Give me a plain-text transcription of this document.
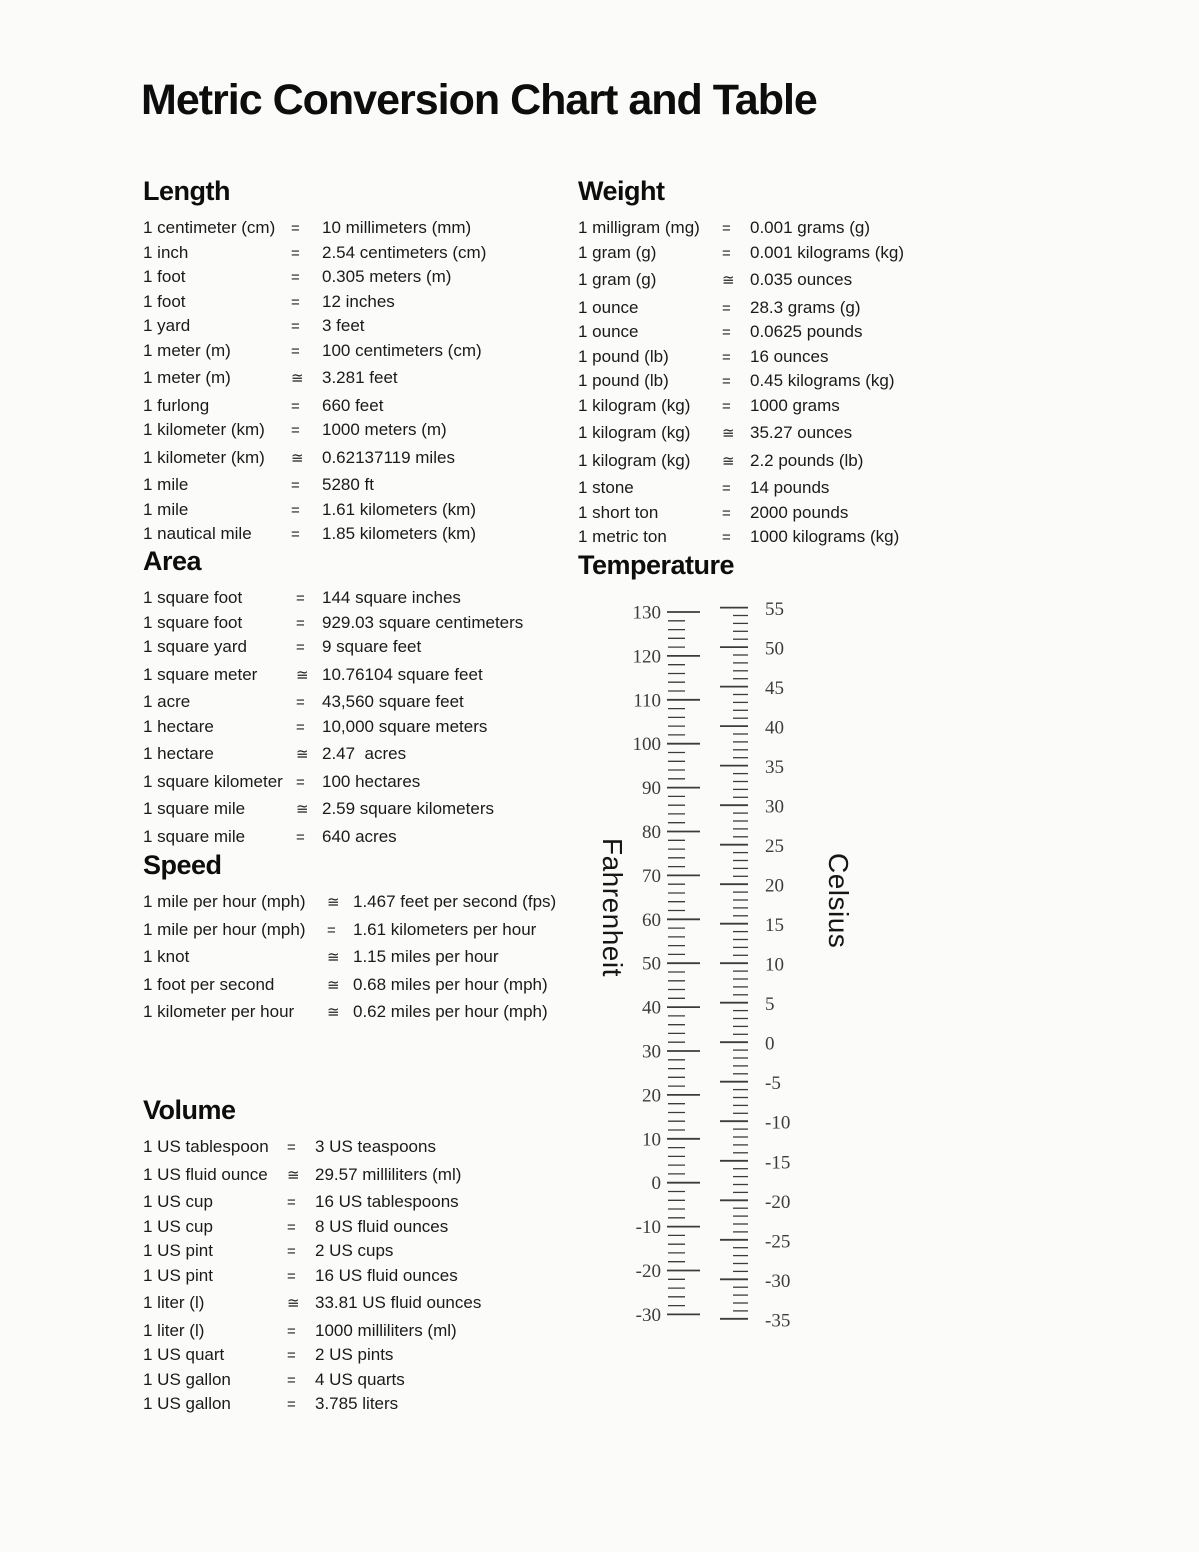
Metric Conversion Chart and Table
Length
1 centimeter (cm)	=	10 millimeters (mm)
1 inch	=	2.54 centimeters (cm)
1 foot	=	0.305 meters (m)
1 foot	=	12 inches
1 yard	=	3 feet
1 meter (m)	=	100 centimeters (cm)
1 meter (m)	≅	3.281 feet
1 furlong	=	660 feet
1 kilometer (km)	=	1000 meters (m)
1 kilometer (km)	≅	0.62137119 miles
1 mile	=	5280 ft
1 mile	=	1.61 kilometers (km)
1 nautical mile	=	1.85 kilometers (km)
Area
1 square foot	=	144 square inches
1 square foot	=	929.03 square centimeters
1 square yard	=	9 square feet
1 square meter	≅ 10.76104 square feet
1 acre	=	43,560 square feet
1 hectare	=	10,000 square meters
1 hectare	≅ 2.47  acres
1 square kilometer =	100 hectares
1 square mile	≅ 2.59 square kilometers
1 square mile	=	640 acres
Speed
1 mile per hour (mph)	≅ 1.467 feet per second (fps)
1 mile per hour (mph)	=	1.61 kilometers per hour
1 knot	≅ 1.15 miles per hour
1 foot per second	≅ 0.68 miles per hour (mph)
1 kilometer per hour	≅ 0.62 miles per hour (mph)
Volume
1 US tablespoon	=	3 US teaspoons
1 US fluid ounce	≅ 29.57 milliliters (ml)
1 US cup	=	16 US tablespoons
1 US cup	=	8 US fluid ounces
1 US pint	=	2 US cups
1 US pint	=	16 US fluid ounces
1 liter (l)	≅ 33.81 US fluid ounces
1 liter (l)	=	1000 milliliters (ml)
1 US quart	=	2 US pints
1 US gallon	=	4 US quarts
1 US gallon	=	3.785 liters
Weight
1 milligram (mg)	=	0.001 grams (g)
1 gram (g)	=	0.001 kilograms (kg)
1 gram (g)	≅ 0.035 ounces
1 ounce	=	28.3 grams (g)
1 ounce	=	0.0625 pounds
1 pound (lb)	=	16 ounces
1 pound (lb)	=	0.45 kilograms (kg)
1 kilogram (kg)	=	1000 grams
1 kilogram (kg)	≅ 35.27 ounces
1 kilogram (kg)	≅ 2.2 pounds (lb)
1 stone	=	14 pounds
1 short ton	=	2000 pounds
1 metric ton	=	1000 kilograms (kg)
Temperature
Fahrenheit	Celsius
130
120
110
100
90
80
70
60
50
40
30
20
10
0
-10
-20
-30
55
50
45
40
35
30
25
20
15
10
5
0
-5
-10
-15
-20
-25
-30
-35
